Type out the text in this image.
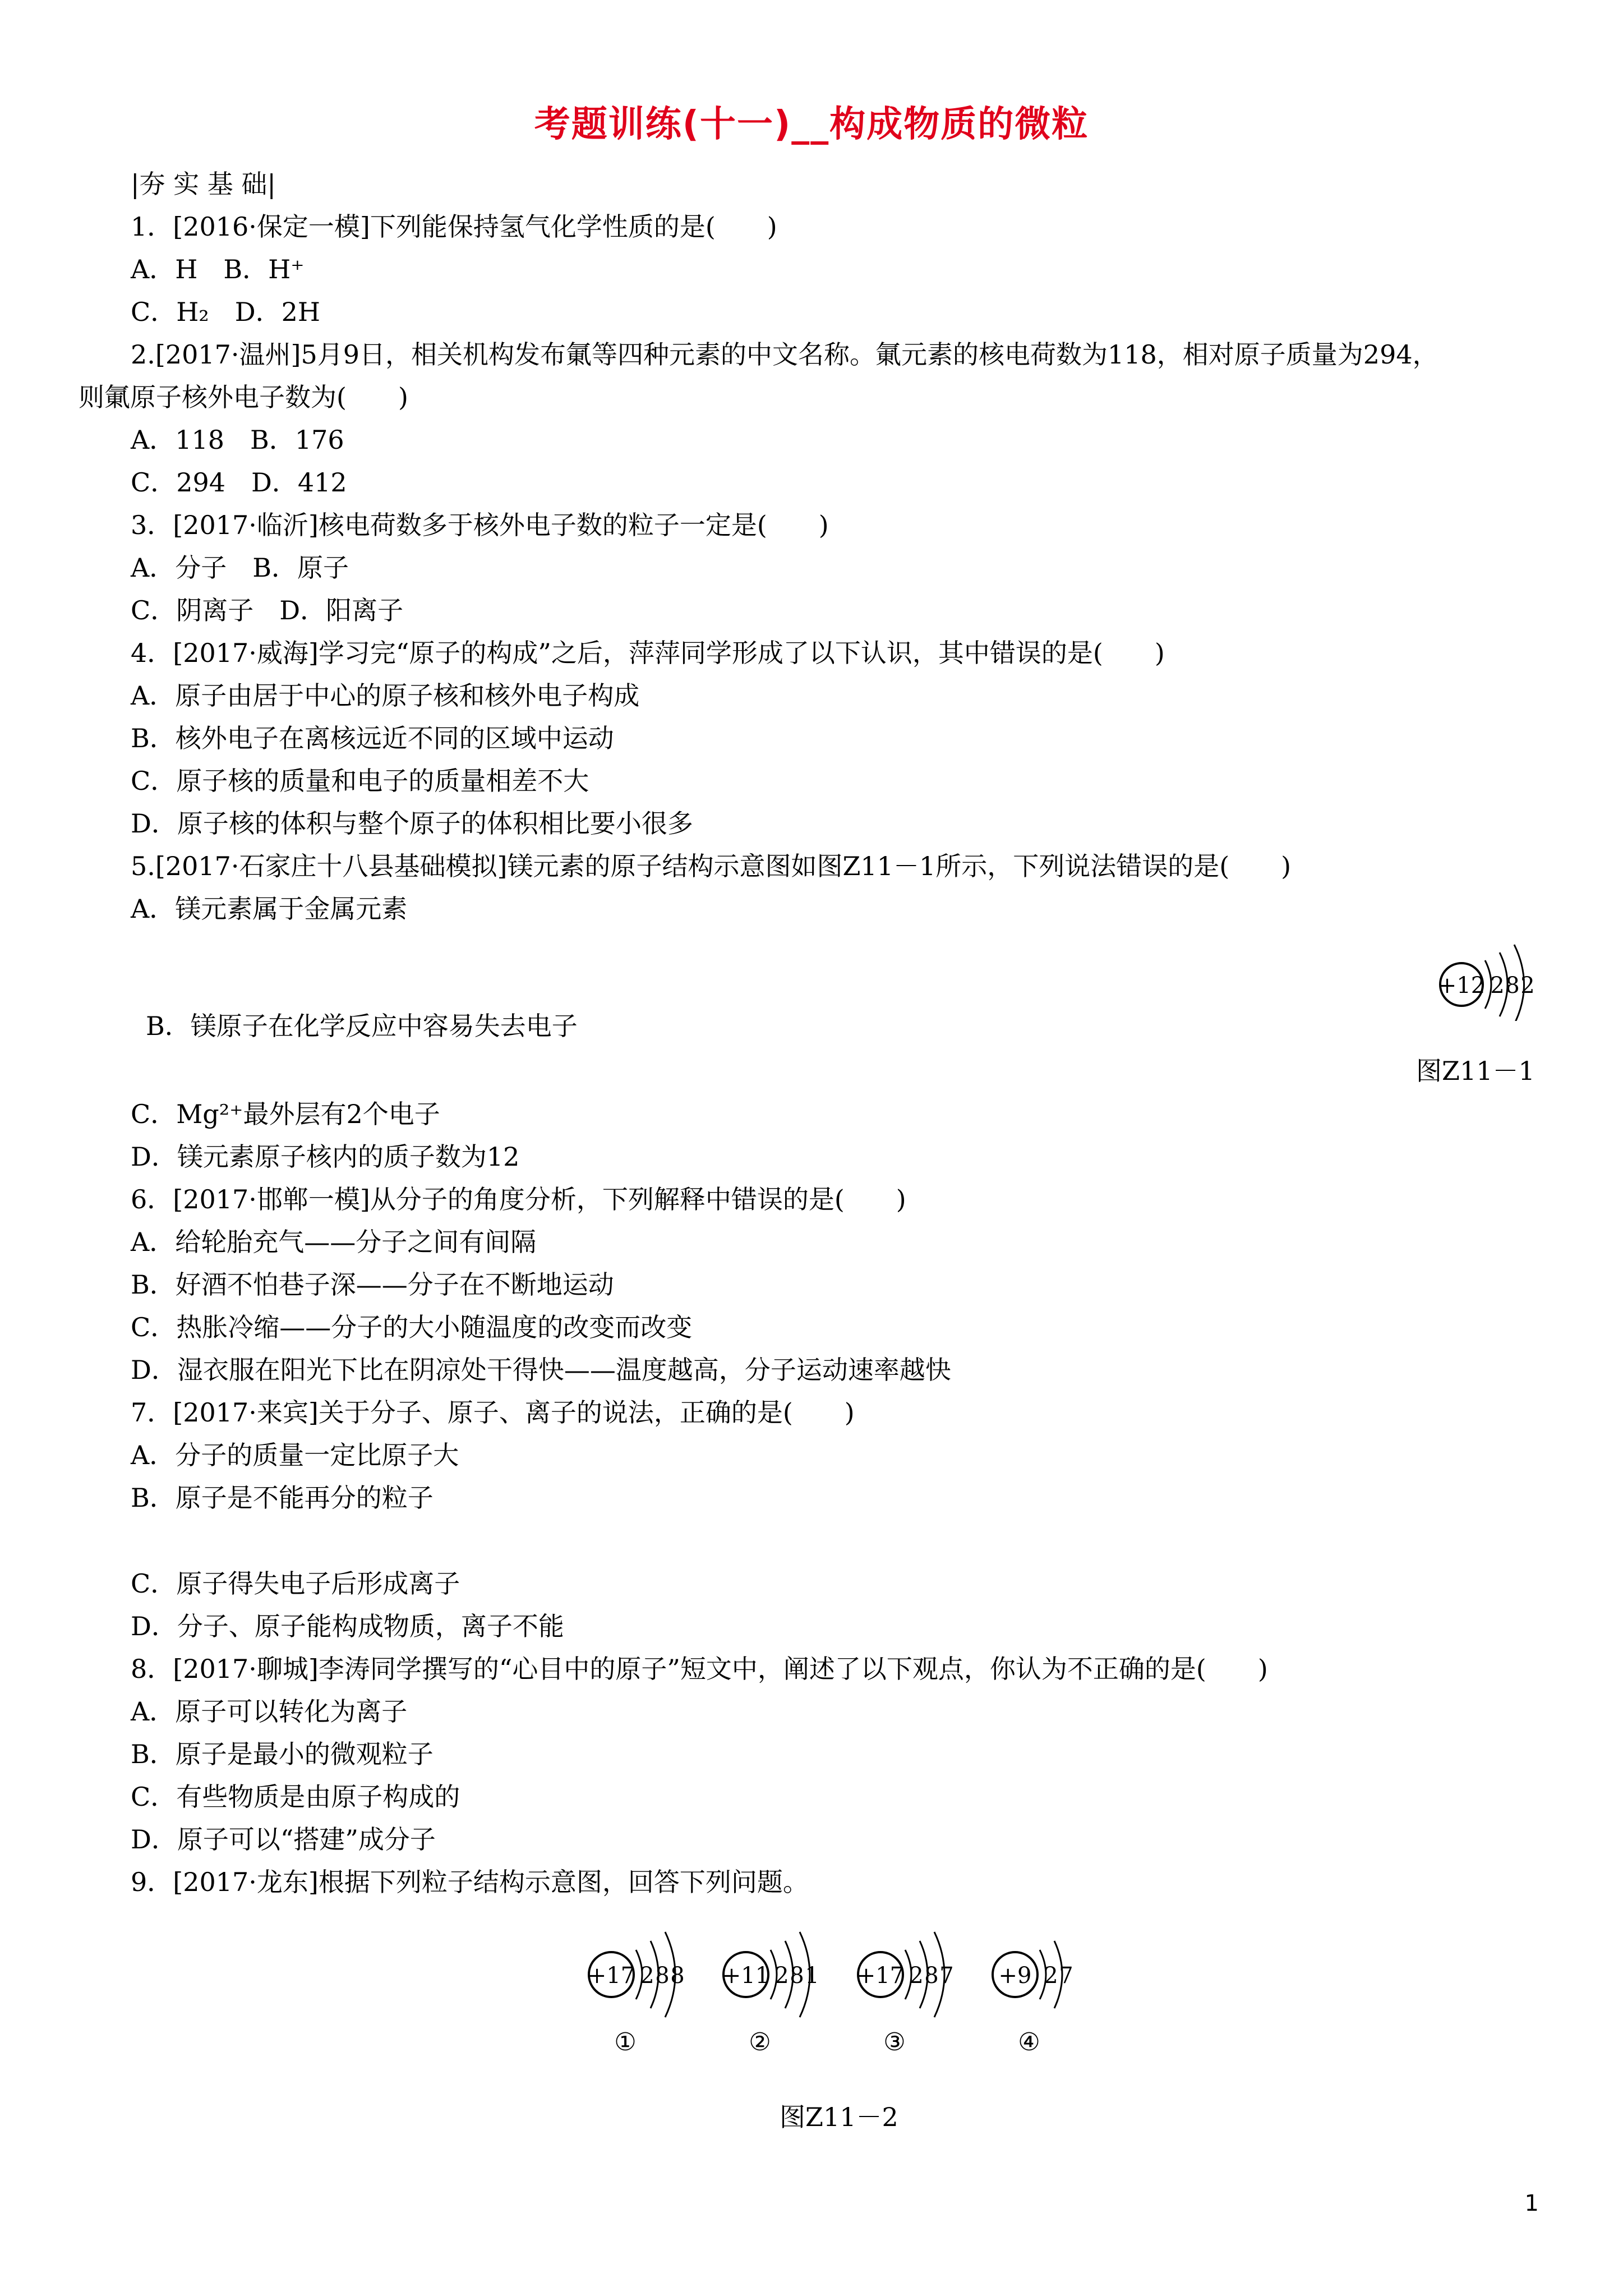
考题训练(十一)__构成物质的微粒
|夯 实 基 础|
1．[2016·保定一模]下列能保持氢气化学性质的是(　　)
A．H　B．H⁺
C．H₂　D．2H
2.[2017·温州]5月9日，相关机构发布氭等四种元素的中文名称。氭元素的核电荷数为118，相对原子质量为294，
则氭原子核外电子数为(　　)
A．118　B．176
C．294　D．412
3．[2017·临沂]核电荷数多于核外电子数的粒子一定是(　　)
A．分子　B．原子
C．阴离子　D．阳离子
4．[2017·威海]学习完“原子的构成”之后，萍萍同学形成了以下认识，其中错误的是(　　)
A．原子由居于中心的原子核和核外电子构成
B．核外电子在离核远近不同的区域中运动
C．原子核的质量和电子的质量相差不大
D．原子核的体积与整个原子的体积相比要小很多
5.[2017·石家庄十八县基础模拟]镁元素的原子结构示意图如图Z11－1所示，下列说法错误的是(　　)
A．镁元素属于金属元素
+12 2 8 2
B．镁原子在化学反应中容易失去电子
图Z11－1
C．Mg²⁺最外层有2个电子
D．镁元素原子核内的质子数为12
6．[2017·邯郸一模]从分子的角度分析，下列解释中错误的是(　　)
A．给轮胎充气——分子之间有间隔
B．好酒不怕巷子深——分子在不断地运动
C．热胀冷缩——分子的大小随温度的改变而改变
D．湿衣服在阳光下比在阴凉处干得快——温度越高，分子运动速率越快
7．[2017·来宾]关于分子、原子、离子的说法，正确的是(　　)
A．分子的质量一定比原子大
B．原子是不能再分的粒子
C．原子得失电子后形成离子
D．分子、原子能构成物质，离子不能
8．[2017·聊城]李涛同学撰写的“心目中的原子”短文中，阐述了以下观点，你认为不正确的是(　　)
A．原子可以转化为离子
B．原子是最小的微观粒子
C．有些物质是由原子构成的
D．原子可以“搭建”成分子
9．[2017·龙东]根据下列粒子结构示意图，回答下列问题。
+17 2 8 8
①
+11 2 8 1
②
+17 2 8 7
③
+9 2 7
④
图Z11－2
1
